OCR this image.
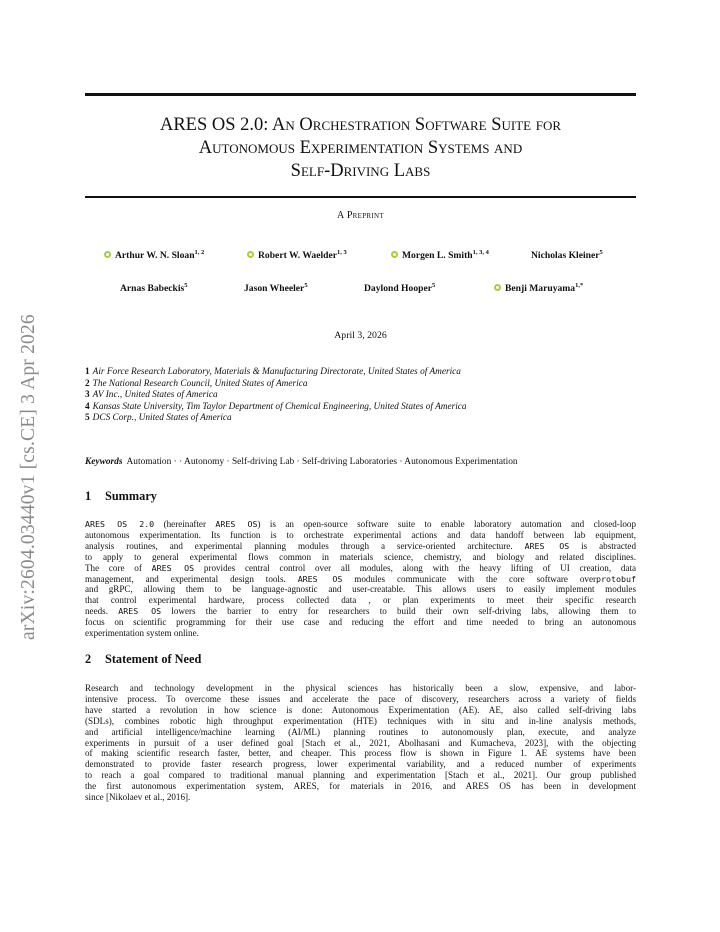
arXiv:2604.03440v1 [cs.CE] 3 Apr 2026
ARES OS 2.0: An Orchestration Software Suite for
Autonomous Experimentation Systems and
Self-Driving Labs
A Preprint
Arthur W. N. Sloan$^{1, 2}$	Robert W. Waelder$^{1, 3}$	Morgen L. Smith$^{1, 3, 4}$	Nicholas Kleiner$^5$
Arnas Babeckis$^5$	Jason Wheeler$^5$	Daylond Hooper$^5$	Benji Maruyama$^{1,*}$
April 3, 2026
1 Air Force Research Laboratory, Materials & Manufacturing Directorate, United States of America
2 The National Research Council, United States of America
3 AV Inc., United States of America
4 Kansas State University, Tim Taylor Department of Chemical Engineering, United States of America
5 DCS Corp., United States of America
Keywords Automation · · Autonomy · Self-driving Lab · Self-driving Laboratories · Autonomous Experimentation
1 Summary
ARES OS 2.0 (hereinafter ARES OS) is an open-source software suite to enable laboratory automation and closed-loop
autonomous experimentation. Its function is to orchestrate experimental actions and data handoff between lab equipment,
analysis routines, and experimental planning modules through a service-oriented architecture. ARES OS is abstracted
to apply to general experimental flows common in materials science, chemistry, and biology and related disciplines.
The core of ARES OS provides central control over all modules, along with the heavy lifting of UI creation, data
management, and experimental design tools. ARES OS modules communicate with the core software overprotobuf
and gRPC, allowing them to be language-agnostic and user-creatable. This allows users to easily implement modules
that control experimental hardware, process collected data , or plan experiments to meet their specific research
needs. ARES OS lowers the barrier to entry for researchers to build their own self-driving labs, allowing them to
focus on scientific programming for their use case and reducing the effort and time needed to bring an autonomous
experimentation system online.
2 Statement of Need
Research and technology development in the physical sciences has historically been a slow, expensive, and labor-
intensive process. To overcome these issues and accelerate the pace of discovery, researchers across a variety of fields
have started a revolution in how science is done: Autonomous Experimentation (AE). AE, also called self-driving labs
(SDLs), combines robotic high throughput experimentation (HTE) techniques with in situ and in-line analysis methods,
and artificial intelligence/machine learning (AI/ML) planning routines to autonomously plan, execute, and analyze
experiments in pursuit of a user defined goal [Stach et al., 2021, Abolhasani and Kumacheva, 2023], with the objecting
of making scientific research faster, better, and cheaper. This process flow is shown in Figure 1. AE systems have been
demonstrated to provide faster research progress, lower experimental variability, and a reduced number of experiments
to reach a goal compared to traditional manual planning and experimentation [Stach et al., 2021]. Our group published
the first autonomous experimentation system, ARES, for materials in 2016, and ARES OS has been in development
since [Nikolaev et al., 2016].
